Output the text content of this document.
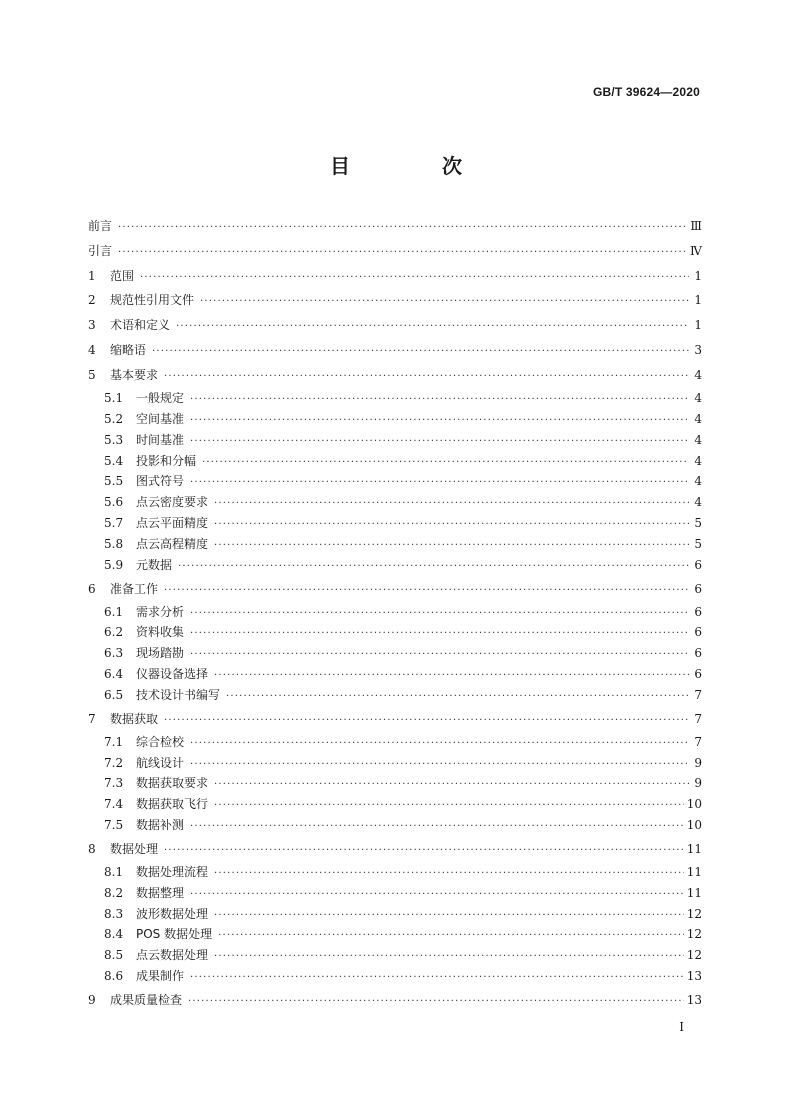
GB/T 39624—2020
目　次
前言 ·····	Ⅲ
引言 ·····	Ⅳ
1	范围 ·····	1
2	规范性引用文件 ·····	1
3	术语和定义 ·····	1
4	缩略语 ·····	3
5	基本要求 ·····	4
5.1	一般规定 ·····	4
5.2	空间基准 ·····	4
5.3	时间基准 ·····	4
5.4	投影和分幅 ·····	4
5.5	图式符号 ·····	4
5.6	点云密度要求 ·····	4
5.7	点云平面精度 ·····	5
5.8	点云高程精度 ·····	5
5.9	元数据 ·····	6
6	准备工作 ·····	6
6.1	需求分析 ·····	6
6.2	资料收集 ·····	6
6.3	现场踏勘 ·····	6
6.4	仪器设备选择 ·····	6
6.5	技术设计书编写 ·····	7
7	数据获取 ·····	7
7.1	综合检校 ·····	7
7.2	航线设计 ·····	9
7.3	数据获取要求 ·····	9
7.4	数据获取飞行 ·····	10
7.5	数据补测 ·····	10
8	数据处理 ·····	11
8.1	数据处理流程 ·····	11
8.2	数据整理 ·····	11
8.3	波形数据处理 ·····	12
8.4	POS 数据处理 ·····	12
8.5	点云数据处理 ·····	12
8.6	成果制作 ·····	13
9	成果质量检查 ·····	13
Ⅰ
